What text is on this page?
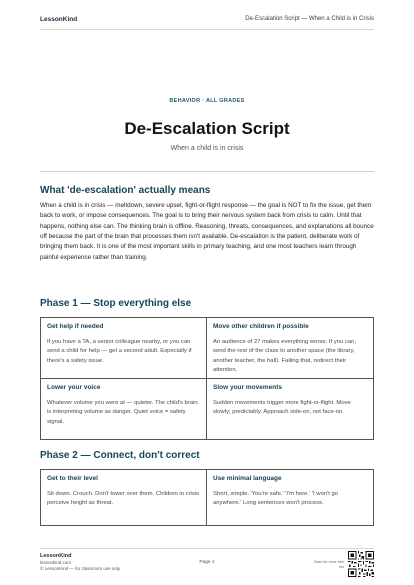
LessonKind	De-Escalation Script — When a Child is in Crisis
BEHAVIOR · ALL GRADES
De-Escalation Script
When a child is in crisis
What 'de-escalation' actually means
When a child is in crisis — meltdown, severe upset, fight-or-flight response — the goal is NOT to fix the issue, get them back to work, or impose consequences. The goal is to bring their nervous system back from crisis to calm. Until that happens, nothing else can. The thinking brain is offline. Reasoning, threats, consequences, and explanations all bounce off because the part of the brain that processes them isn't available. De-escalation is the patient, deliberate work of bringing them back. It is one of the most important skills in primary teaching, and one most teachers learn through painful experience rather than training.
Phase 1 — Stop everything else
Get help if needed
If you have a TA, a senior colleague nearby, or you can send a child for help — get a second adult. Especially if there's a safety issue.
Move other children if possible
An audience of 27 makes everything worse. If you can, send the rest of the class to another space (the library, another teacher, the hall). Failing that, redirect their attention.
Lower your voice
Whatever volume you were at — quieter. The child's brain is interpreting volume as danger. Quiet voice = safety signal.
Slow your movements
Sudden movements trigger more fight-or-flight. Move slowly; predictably. Approach side-on, not face-on.
Phase 2 — Connect, don't correct
Get to their level
Sit down. Crouch. Don't tower over them. Children in crisis perceive height as threat.
Use minimal language
Short, simple. 'You're safe.' 'I'm here.' 'I won't go anywhere.' Long sentences won't process.
LessonKind
lessonkind.com
© LessonKind — for classroom use only
Page 1	Scan for more free res
